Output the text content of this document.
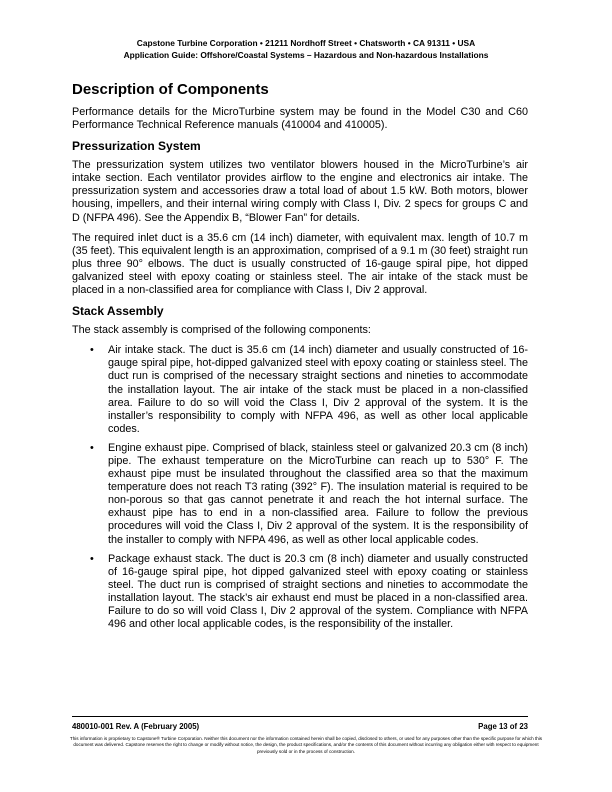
Capstone Turbine Corporation • 21211 Nordhoff Street • Chatsworth • CA 91311 • USA
Application Guide: Offshore/Coastal Systems – Hazardous and Non-hazardous Installations
Description of Components

Performance details for the MicroTurbine system may be found in the Model C30 and C60 Performance Technical Reference manuals (410004 and 410005).

Pressurization System

The pressurization system utilizes two ventilator blowers housed in the MicroTurbine’s air intake section. Each ventilator provides airflow to the engine and electronics air intake. The pressurization system and accessories draw a total load of about 1.5 kW. Both motors, blower housing, impellers, and their internal wiring comply with Class I, Div. 2 specs for groups C and D (NFPA 496). See the Appendix B, “Blower Fan” for details.

The required inlet duct is a 35.6 cm (14 inch) diameter, with equivalent max. length of 10.7 m (35 feet). This equivalent length is an approximation, comprised of a 9.1 m (30 feet) straight run plus three 90° elbows. The duct is usually constructed of 16-gauge spiral pipe, hot dipped galvanized steel with epoxy coating or stainless steel. The air intake of the stack must be placed in a non-classified area for compliance with Class I, Div 2 approval.

Stack Assembly

The stack assembly is comprised of the following components:

• Air intake stack. The duct is 35.6 cm (14 inch) diameter and usually constructed of 16-gauge spiral pipe, hot-dipped galvanized steel with epoxy coating or stainless steel. The duct run is comprised of the necessary straight sections and nineties to accommodate the installation layout. The air intake of the stack must be placed in a non-classified area. Failure to do so will void the Class I, Div 2 approval of the system. It is the installer’s responsibility to comply with NFPA 496, as well as other local applicable codes.
• Engine exhaust pipe. Comprised of black, stainless steel or galvanized 20.3 cm (8 inch) pipe. The exhaust temperature on the MicroTurbine can reach up to 530° F. The exhaust pipe must be insulated throughout the classified area so that the maximum temperature does not reach T3 rating (392° F). The insulation material is required to be non-porous so that gas cannot penetrate it and reach the hot internal surface. The exhaust pipe has to end in a non-classified area. Failure to follow the previous procedures will void the Class I, Div 2 approval of the system. It is the responsibility of the installer to comply with NFPA 496, as well as other local applicable codes.
• Package exhaust stack. The duct is 20.3 cm (8 inch) diameter and usually constructed of 16-gauge spiral pipe, hot dipped galvanized steel with epoxy coating or stainless steel. The duct run is comprised of straight sections and nineties to accommodate the installation layout. The stack’s air exhaust end must be placed in a non-classified area. Failure to do so will void Class I, Div 2 approval of the system. Compliance with NFPA 496 and other local applicable codes, is the responsibility of the installer.
480010-001 Rev. A (February 2005)	Page 13 of 23
This information is proprietary to Capstone® Turbine Corporation. Neither this document nor the information contained herein shall be copied, disclosed to others, or used for any purposes other than the specific purpose for which this document was delivered. Capstone reserves the right to change or modify without notice, the design, the product specifications, and/or the contents of this document without incurring any obligation either with respect to equipment previously sold or in the process of construction.
